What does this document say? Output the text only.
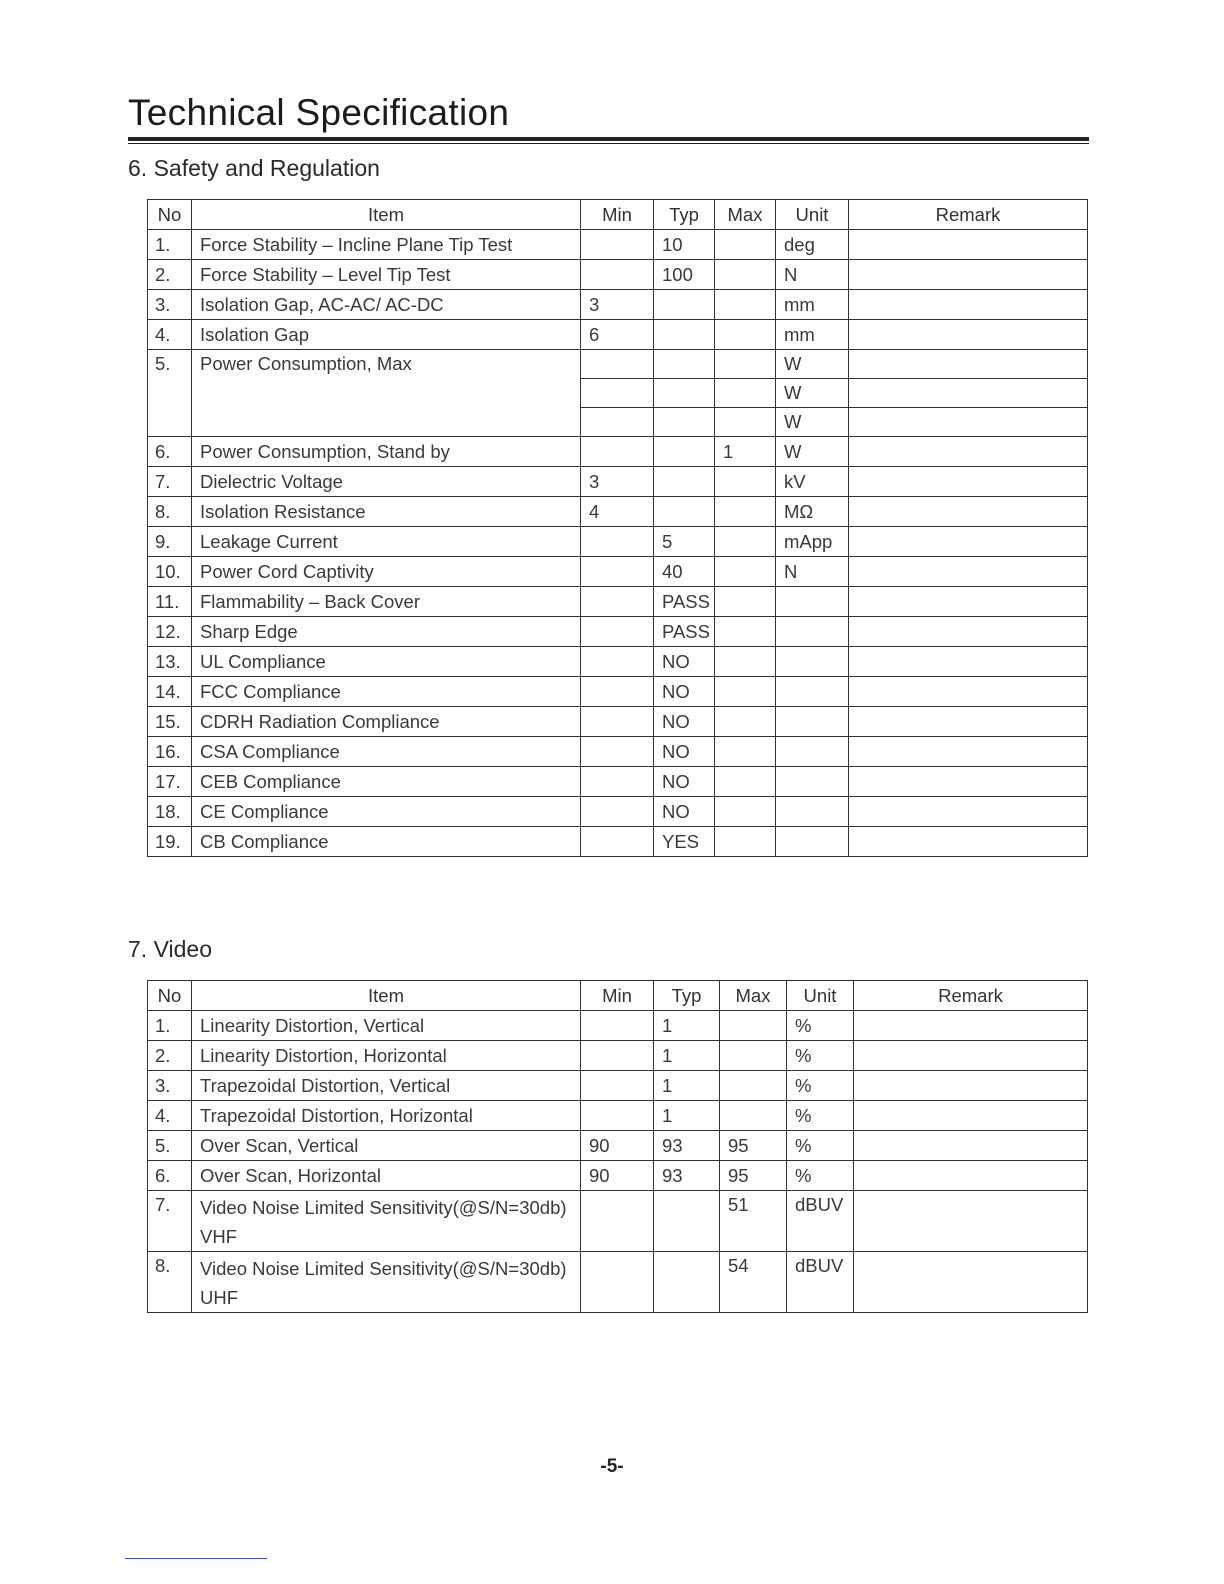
Technical Specification
6. Safety and Regulation
No	Item	Min	Typ	Max	Unit	Remark
1.	Force Stability – Incline Plane Tip Test		10		deg	
2.	Force Stability – Level Tip Test		100		N	
3.	Isolation Gap, AC-AC/ AC-DC	3			mm	
4.	Isolation Gap	6			mm	
5.	Power Consumption, Max				W	
					W	
					W	
6.	Power Consumption, Stand by			1	W	
7.	Dielectric Voltage	3			kV	
8.	Isolation Resistance	4			MΩ	
9.	Leakage Current		5		mApp	
10.	Power Cord Captivity		40		N	
11.	Flammability – Back Cover		PASS			
12.	Sharp Edge		PASS			
13.	UL Compliance		NO			
14.	FCC Compliance		NO			
15.	CDRH Radiation Compliance		NO			
16.	CSA Compliance		NO			
17.	CEB Compliance		NO			
18.	CE Compliance		NO			
19.	CB Compliance		YES			
7. Video
No	Item	Min	Typ	Max	Unit	Remark
1.	Linearity Distortion, Vertical		1		%	
2.	Linearity Distortion, Horizontal		1		%	
3.	Trapezoidal Distortion, Vertical		1		%	
4.	Trapezoidal Distortion, Horizontal		1		%	
5.	Over Scan, Vertical	90	93	95	%	
6.	Over Scan, Horizontal	90	93	95	%	
7.	Video Noise Limited Sensitivity(@S/N=30db) VHF			51	dBUV	
8.	Video Noise Limited Sensitivity(@S/N=30db) UHF			54	dBUV	
-5-
